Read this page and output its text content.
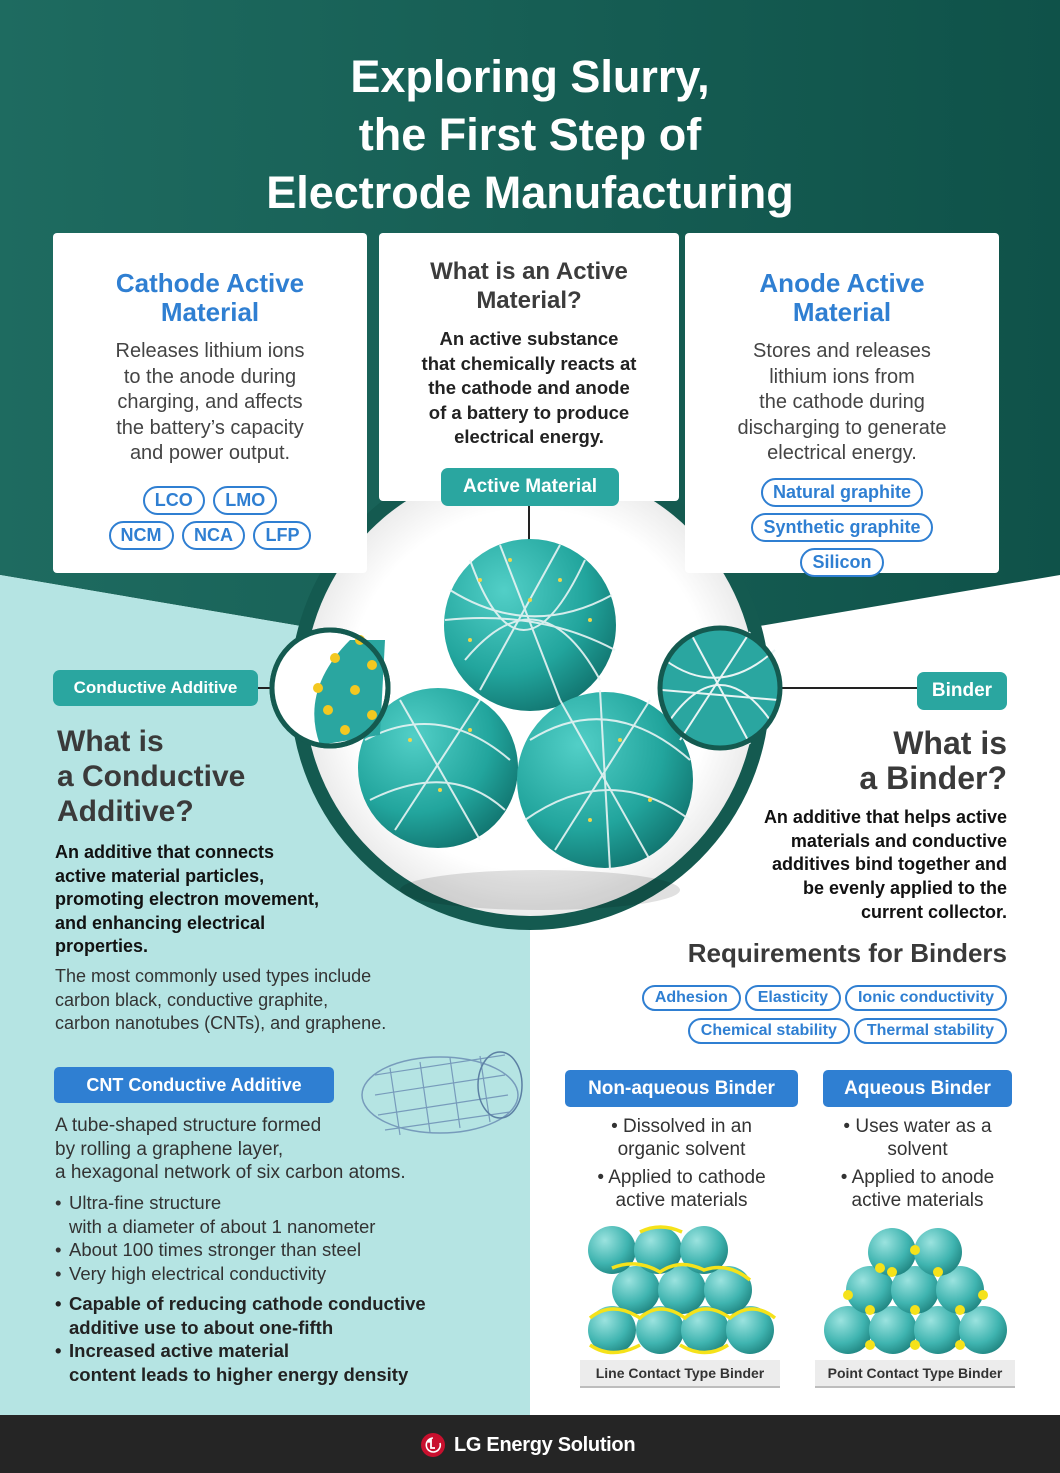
Exploring Slurry,
the First Step of
Electrode Manufacturing
Cathode Active
Material

Releases lithium ions
to the anode during
charging, and affects
the battery’s capacity
and power output.

LCO LMO
NCM NCA LFP
What is an Active
Material?

An active substance
that chemically reacts at
the cathode and anode
of a battery to produce
electrical energy.

Active Material
Anode Active
Material

Stores and releases
lithium ions from
the cathode during
discharging to generate
electrical energy.

Natural graphite
Synthetic graphite
Silicon
Conductive Additive
What is
a Conductive
Additive?
An additive that connects
active material particles,
promoting electron movement,
and enhancing electrical
properties.
The most commonly used types include
carbon black, conductive graphite,
carbon nanotubes (CNTs), and graphene.
CNT Conductive Additive
A tube-shaped structure formed
by rolling a graphene layer,
a hexagonal network of six carbon atoms.
• Ultra-fine structure
with a diameter of about 1 nanometer
• About 100 times stronger than steel
• Very high electrical conductivity
• Capable of reducing cathode conductive
additive use to about one-fifth
• Increased active material
content leads to higher energy density
Binder
What is
a Binder?
An additive that helps active
materials and conductive
additives bind together and
be evenly applied to the
current collector.
Requirements for Binders
Adhesion Elasticity Ionic conductivity
Chemical stability Thermal stability
Non-aqueous Binder
• Dissolved in an
organic solvent
• Applied to cathode
active materials
Line Contact Type Binder
Aqueous Binder
• Uses water as a
solvent
• Applied to anode
active materials
Point Contact Type Binder
LG Energy Solution
